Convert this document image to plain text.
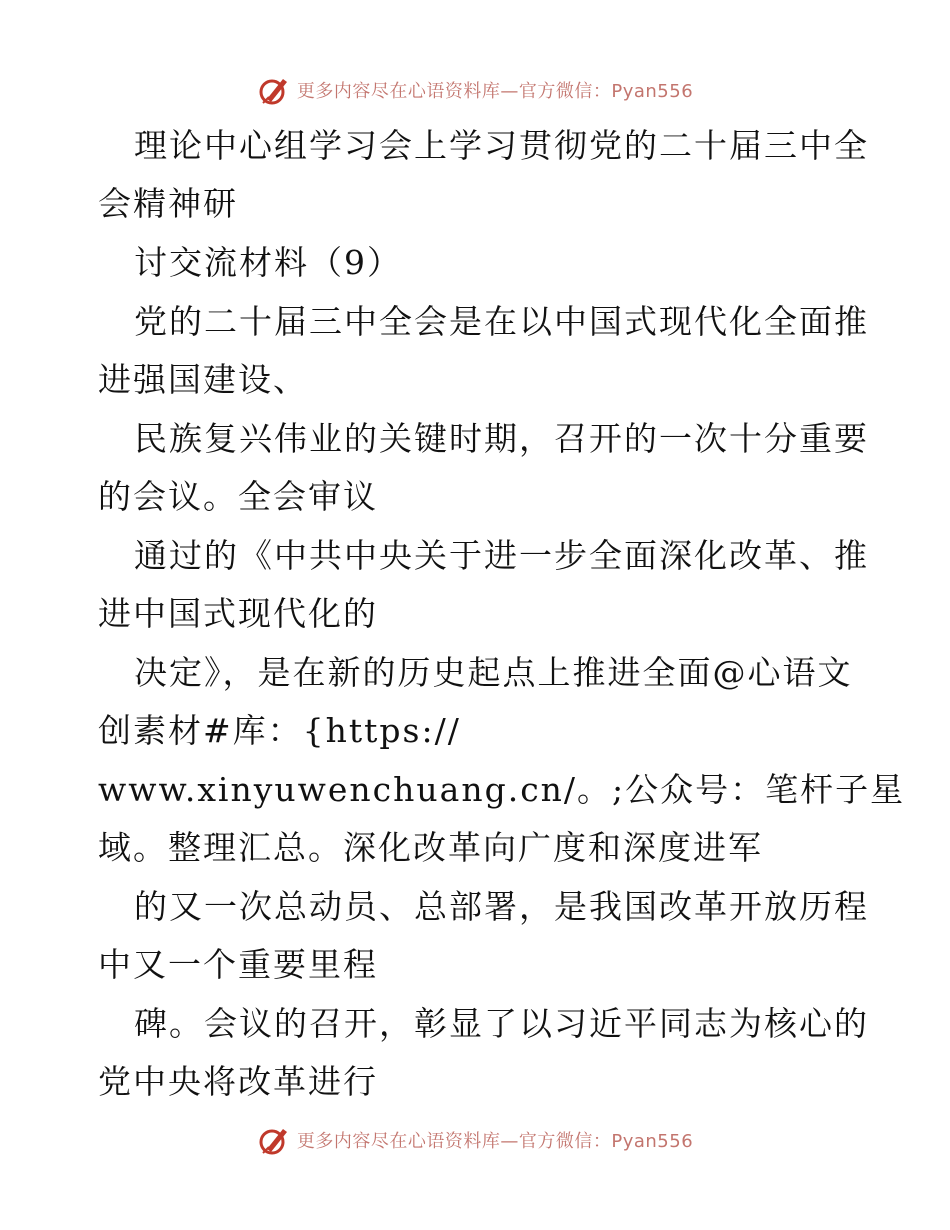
更多内容尽在心语资料库—官方微信：Pyan556
理论中心组学习会上学习贯彻党的二十届三中全
会精神研
讨交流材料（9）
党的二十届三中全会是在以中国式现代化全面推
进强国建设、
民族复兴伟业的关键时期，召开的一次十分重要
的会议。全会审议
通过的《中共中央关于进一步全面深化改革、推
进中国式现代化的
决定》，是在新的历史起点上推进全面@心语文
创素材#库：{https://
www.xinyuwenchuang.cn/。;公众号：笔杆子星
域。整理汇总。深化改革向广度和深度进军
的又一次总动员、总部署，是我国改革开放历程
中又一个重要里程
碑。会议的召开，彰显了以习近平同志为核心的
党中央将改革进行
更多内容尽在心语资料库—官方微信：Pyan556
